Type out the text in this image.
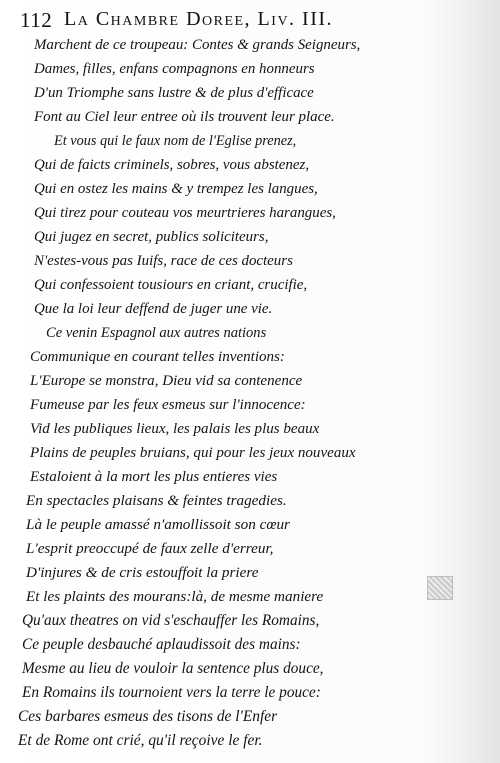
112 La Chambre Doree, Liv. III.
Marchent de ce troupeau: Contes & grands Seigneurs,
Dames, filles, enfans compagnons en honneurs
D'un Triomphe sans lustre & de plus d'efficace
Font au Ciel leur entree où ils trouvent leur place.
Et vous qui le faux nom de l'Eglise prenez,
Qui de faicts criminels, sobres, vous abstenez,
Qui en ostez les mains & y trempez les langues,
Qui tirez pour couteau vos meurtrieres harangues,
Qui jugez en secret, publics soliciteurs,
N'estes-vous pas Iuifs, race de ces docteurs
Qui confessoient tousiours en criant, crucifie,
Que la loi leur deffend de juger une vie.
Ce venin Espagnol aux autres nations
Communique en courant telles inventions:
L'Europe se monstra, Dieu vid sa contenence
Fumeuse par les feux esmeus sur l'innocence:
Vid les publiques lieux, les palais les plus beaux
Plains de peuples bruians, qui pour les jeux nouveaux
Estaloient à la mort les plus entieres vies
En spectacles plaisans & feintes tragedies.
Là le peuple amassé n'amollissoit son cœur
L'esprit preoccupé de faux zelle d'erreur,
D'injures & de cris estouffoit la priere
Et les plaints des mourans:là, de mesme maniere
Qu'aux theatres on vid s'eschauffer les Romains,
Ce peuple desbauché aplaudissoit des mains:
Mesme au lieu de vouloir la sentence plus douce,
En Romains ils tournoient vers la terre le pouce:
Ces barbares esmeus des tisons de l'Enfer
Et de Rome ont crié, qu'il reçoive le fer.
